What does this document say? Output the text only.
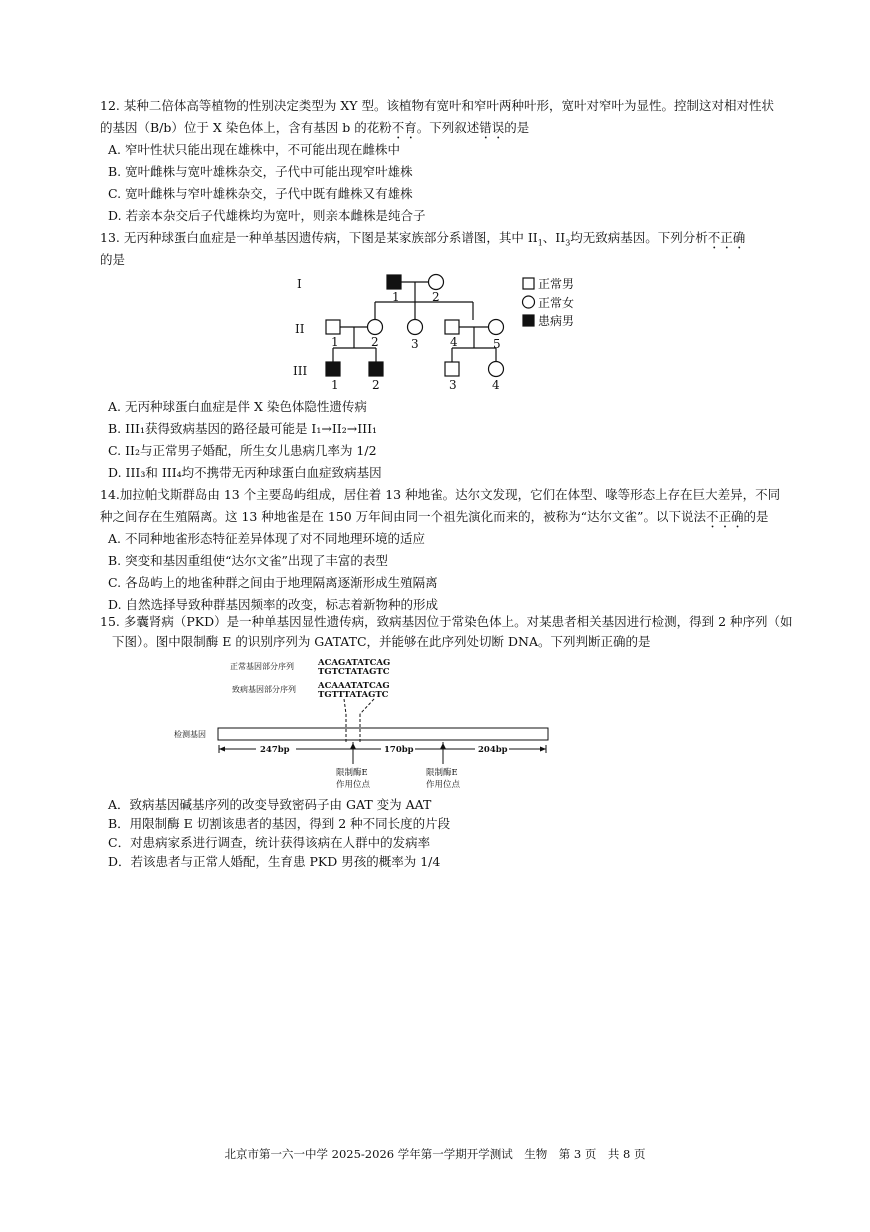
12. 某种二倍体高等植物的性别决定类型为 XY 型。该植物有宽叶和窄叶两种叶形，宽叶对窄叶为显性。控制这对相对性状
的基因（B/b）位于 X 染色体上，含有基因 b 的花粉不育。下列叙述错误的是
A. 窄叶性状只能出现在雄株中，不可能出现在雌株中
B. 宽叶雌株与宽叶雄株杂交，子代中可能出现窄叶雄株
C. 宽叶雌株与窄叶雄株杂交，子代中既有雌株又有雄株
D. 若亲本杂交后子代雄株均为宽叶，则亲本雌株是纯合子
13. 无丙种球蛋白血症是一种单基因遗传病，下图是某家族部分系谱图，其中 $II_1$、$II_3$均无致病基因。下列分析不正确
的是
I
II
III
1	2
1	2	3	4	5
1	2	3	4
正常男
正常女
患病男
A. 无丙种球蛋白血症是伴 X 染色体隐性遗传病
B. III₁获得致病基因的路径最可能是 I₁→II₂→III₁
C. II₂与正常男子婚配，所生女儿患病几率为 1/2
D. III₃和 III₄均不携带无丙种球蛋白血症致病基因
14.加拉帕戈斯群岛由 13 个主要岛屿组成，居住着 13 种地雀。达尔文发现，它们在体型、喙等形态上存在巨大差异，不同
种之间存在生殖隔离。这 13 种地雀是在 150 万年间由同一个祖先演化而来的，被称为“达尔文雀”。以下说法不正确的是
A. 不同种地雀形态特征差异体现了对不同地理环境的适应
B. 突变和基因重组使“达尔文雀”出现了丰富的表型
C. 各岛屿上的地雀种群之间由于地理隔离逐渐形成生殖隔离
D. 自然选择导致种群基因频率的改变，标志着新物种的形成
15. 多囊肾病（PKD）是一种单基因显性遗传病，致病基因位于常染色体上。对某患者相关基因进行检测，得到 2 种序列（如
下图）。图中限制酶 E 的识别序列为 GATATC，并能够在此序列处切断 DNA。下列判断正确的是
正常基因部分序列	ACAGATATCAG
TGTCTATAGTC
致病基因部分序列	ACAAATATCAG
TGTTTATAGTC
检测基因
247bp	170bp	204bp
限制酶E
作用位点
限制酶E
作用位点
A．致病基因碱基序列的改变导致密码子由 GAT 变为 AAT
B．用限制酶 E 切割该患者的基因，得到 2 种不同长度的片段
C．对患病家系进行调查，统计获得该病在人群中的发病率
D．若该患者与正常人婚配，生育患 PKD 男孩的概率为 1/4
北京市第一六一中学 2025-2026 学年第一学期开学测试　生物　第 3 页　共 8 页
